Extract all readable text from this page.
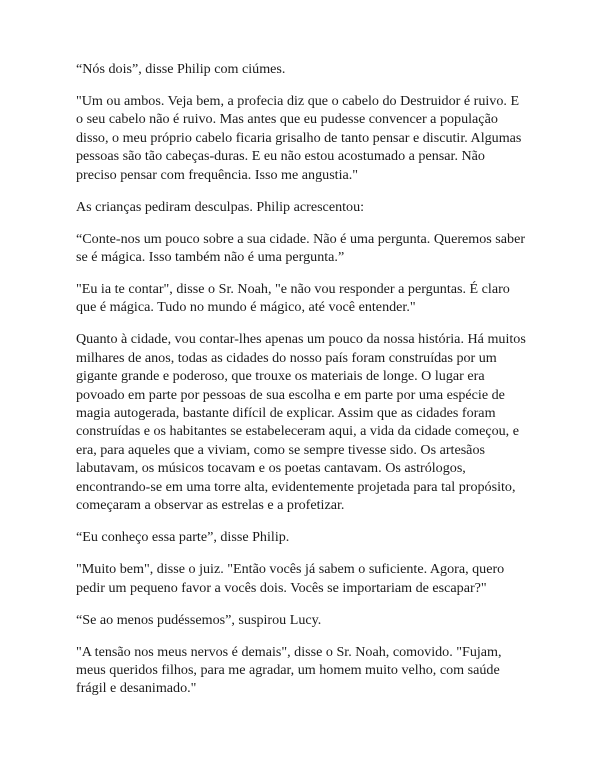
“Nós dois”, disse Philip com ciúmes.

"Um ou ambos. Veja bem, a profecia diz que o cabelo do Destruidor é ruivo. E o seu cabelo não é ruivo. Mas antes que eu pudesse convencer a população disso, o meu próprio cabelo ficaria grisalho de tanto pensar e discutir. Algumas pessoas são tão cabeças-duras. E eu não estou acostumado a pensar. Não preciso pensar com frequência. Isso me angustia."

As crianças pediram desculpas. Philip acrescentou:

“Conte-nos um pouco sobre a sua cidade. Não é uma pergunta. Queremos saber se é mágica. Isso também não é uma pergunta.”

"Eu ia te contar", disse o Sr. Noah, "e não vou responder a perguntas. É claro que é mágica. Tudo no mundo é mágico, até você entender."

Quanto à cidade, vou contar-lhes apenas um pouco da nossa história. Há muitos milhares de anos, todas as cidades do nosso país foram construídas por um gigante grande e poderoso, que trouxe os materiais de longe. O lugar era povoado em parte por pessoas de sua escolha e em parte por uma espécie de magia autogerada, bastante difícil de explicar. Assim que as cidades foram construídas e os habitantes se estabeleceram aqui, a vida da cidade começou, e era, para aqueles que a viviam, como se sempre tivesse sido. Os artesãos labutavam, os músicos tocavam e os poetas cantavam. Os astrólogos, encontrando-se em uma torre alta, evidentemente projetada para tal propósito, começaram a observar as estrelas e a profetizar.

“Eu conheço essa parte”, disse Philip.

"Muito bem", disse o juiz. "Então vocês já sabem o suficiente. Agora, quero pedir um pequeno favor a vocês dois. Vocês se importariam de escapar?"

“Se ao menos pudéssemos”, suspirou Lucy.

"A tensão nos meus nervos é demais", disse o Sr. Noah, comovido. "Fujam, meus queridos filhos, para me agradar, um homem muito velho, com saúde frágil e desanimado."
